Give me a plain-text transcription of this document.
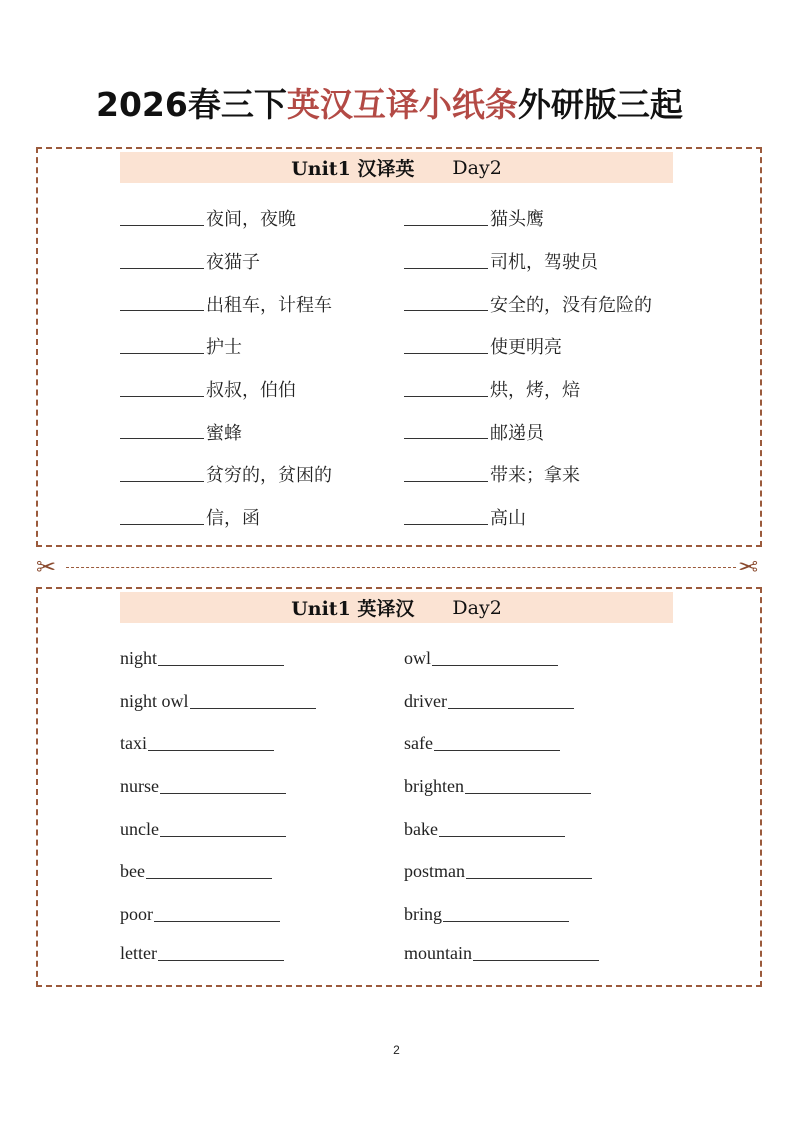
2026春三下英汉互译小纸条外研版三起
Unit1 汉译英 Day2
夜间，夜晚
夜猫子
出租车，计程车
护士
叔叔，伯伯
蜜蜂
贫穷的，贫困的
信，函
猫头鹰
司机，驾驶员
安全的，没有危险的
使更明亮
烘，烤，焙
邮递员
带来；拿来
高山
✂	✂
Unit1 英译汉 Day2
night
night owl
taxi
nurse
uncle
bee
poor
letter
owl
driver
safe
brighten
bake
postman
bring
mountain
2
